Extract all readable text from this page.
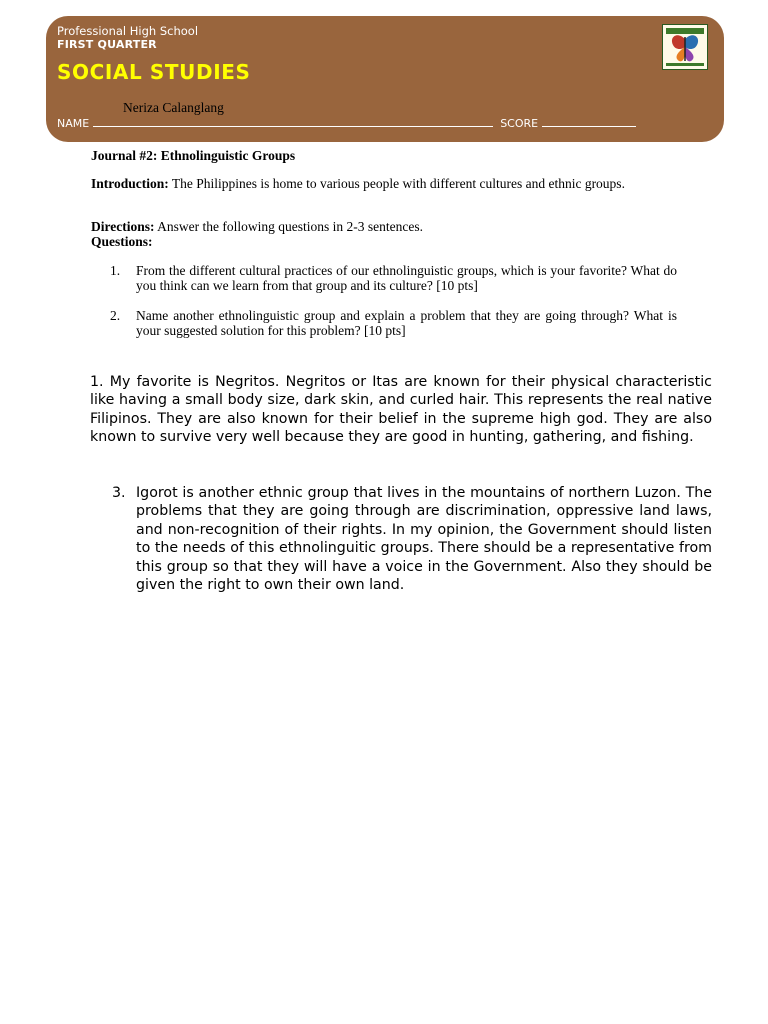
Professional High School
FIRST QUARTER
SOCIAL STUDIES
Neriza Calanglang
NAME	SCORE
Journal #2: Ethnolinguistic Groups
Introduction: The Philippines is home to various people with different cultures and ethnic groups.
Directions: Answer the following questions in 2-3 sentences.
Questions:
1. From the different cultural practices of our ethnolinguistic groups, which is your favorite? What do you think can we learn from that group and its culture? [10 pts]
2. Name another ethnolinguistic group and explain a problem that they are going through? What is your suggested solution for this problem? [10 pts]
1. My favorite is Negritos. Negritos or Itas are known for their physical characteristic like having a small body size, dark skin, and curled hair. This represents the real native Filipinos. They are also known for their belief in the supreme high god. They are also known to survive very well because they are good in hunting, gathering, and fishing.
3. Igorot is another ethnic group that lives in the mountains of northern Luzon. The problems that they are going through are discrimination, oppressive land laws, and non-recognition of their rights. In my opinion, the Government should listen to the needs of this ethnolinguitic groups. There should be a representative from this group so that they will have a voice in the Government. Also they should be given the right to own their own land.
